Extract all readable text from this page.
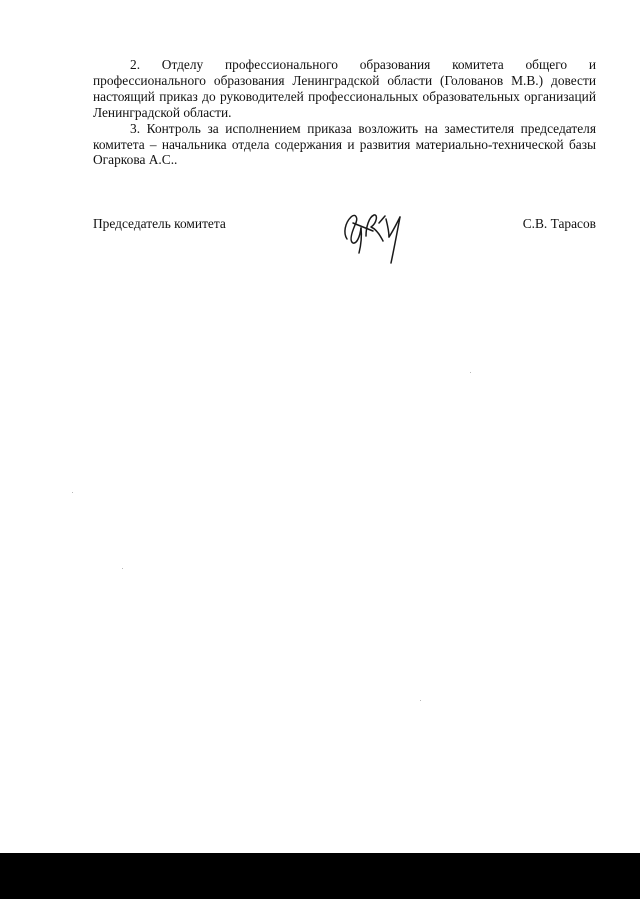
2. Отделу профессионального образования комитета общего и профессионального образования Ленинградской области (Голованов М.В.) довести настоящий приказ до руководителей профессиональных образовательных организаций Ленинградской области.

3. Контроль за исполнением приказа возложить на заместителя председателя комитета – начальника отдела содержания и развития материально-технической базы Огаркова А.С..

Председатель комитета	С.В. Тарасов
